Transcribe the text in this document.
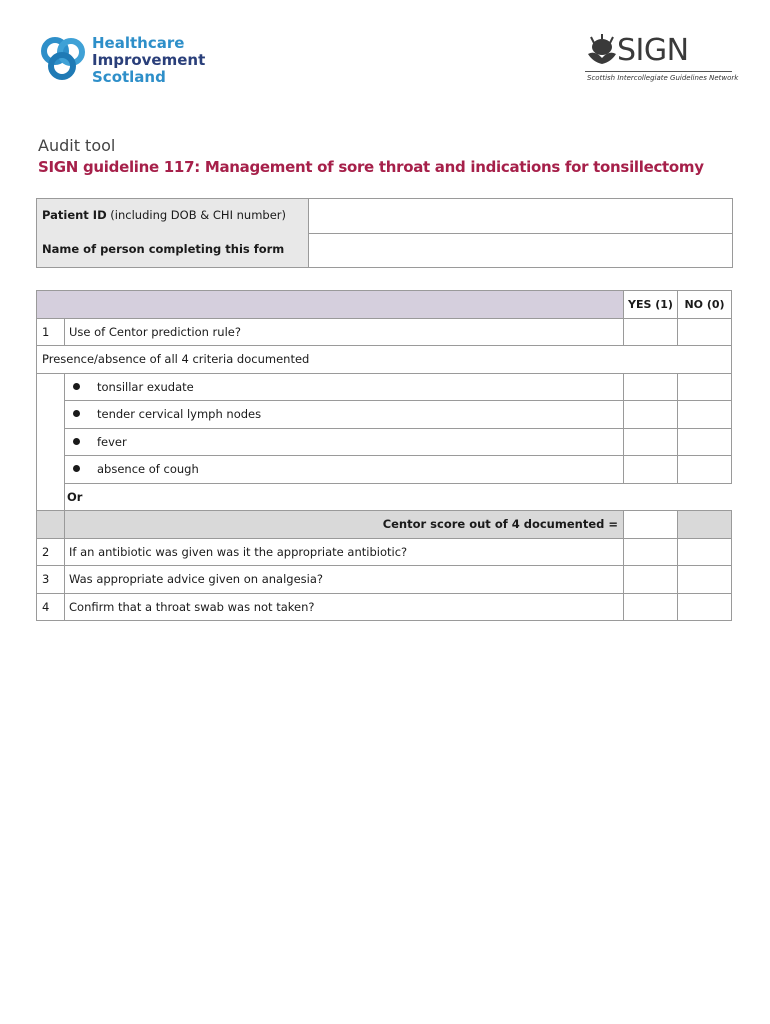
Healthcare
Improvement
Scotland
SIGN
Scottish Intercollegiate Guidelines Network
Audit tool
SIGN guideline 117: Management of sore throat and indications for tonsillectomy
Patient ID (including DOB & CHI number)
Name of person completing this form
		YES (1)	NO (0)
1	Use of Centor prediction rule?		
Presence/absence of all 4 criteria documented			

tonsillar exudate		

tender cervical lymph nodes		

fever		

absence of cough		
	Or		
	Centor score out of 4 documented =		
2	If an antibiotic was given was it the appropriate antibiotic?		
3	Was appropriate advice given on analgesia?		
4	Confirm that a throat swab was not taken?		
